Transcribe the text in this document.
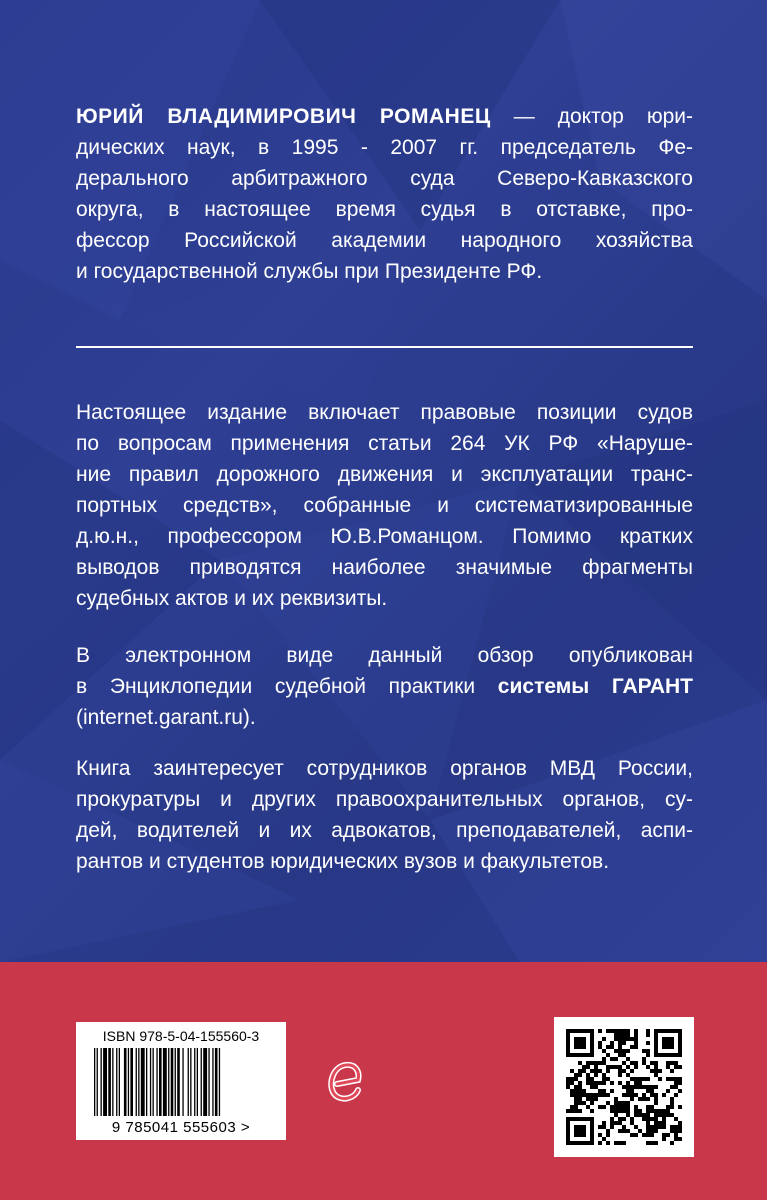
ЮРИЙ ВЛАДИМИРОВИЧ РОМАНЕЦ — доктор юри-
дических наук, в 1995 - 2007 гг. председатель Фе-
дерального арбитражного суда Северо-Кавказского
округа, в настоящее время судья в отставке, про-
фессор Российской академии народного хозяйства
и государственной службы при Президенте РФ.
Настоящее издание включает правовые позиции судов
по вопросам применения статьи 264 УК РФ «Наруше-
ние правил дорожного движения и эксплуатации транс-
портных средств», собранные и систематизированные
д.ю.н., профессором Ю.В.Романцом. Помимо кратких
выводов приводятся наиболее значимые фрагменты
судебных актов и их реквизиты.
В электронном виде данный обзор опубликован
в Энциклопедии судебной практики системы ГАРАНТ
(internet.garant.ru).
Книга заинтересует сотрудников органов МВД России,
прокуратуры и других правоохранительных органов, су-
дей, водителей и их адвокатов, преподавателей, аспи-
рантов и студентов юридических вузов и факультетов.
ISBN 978-5-04-155560-3
9 785041 555603 >
